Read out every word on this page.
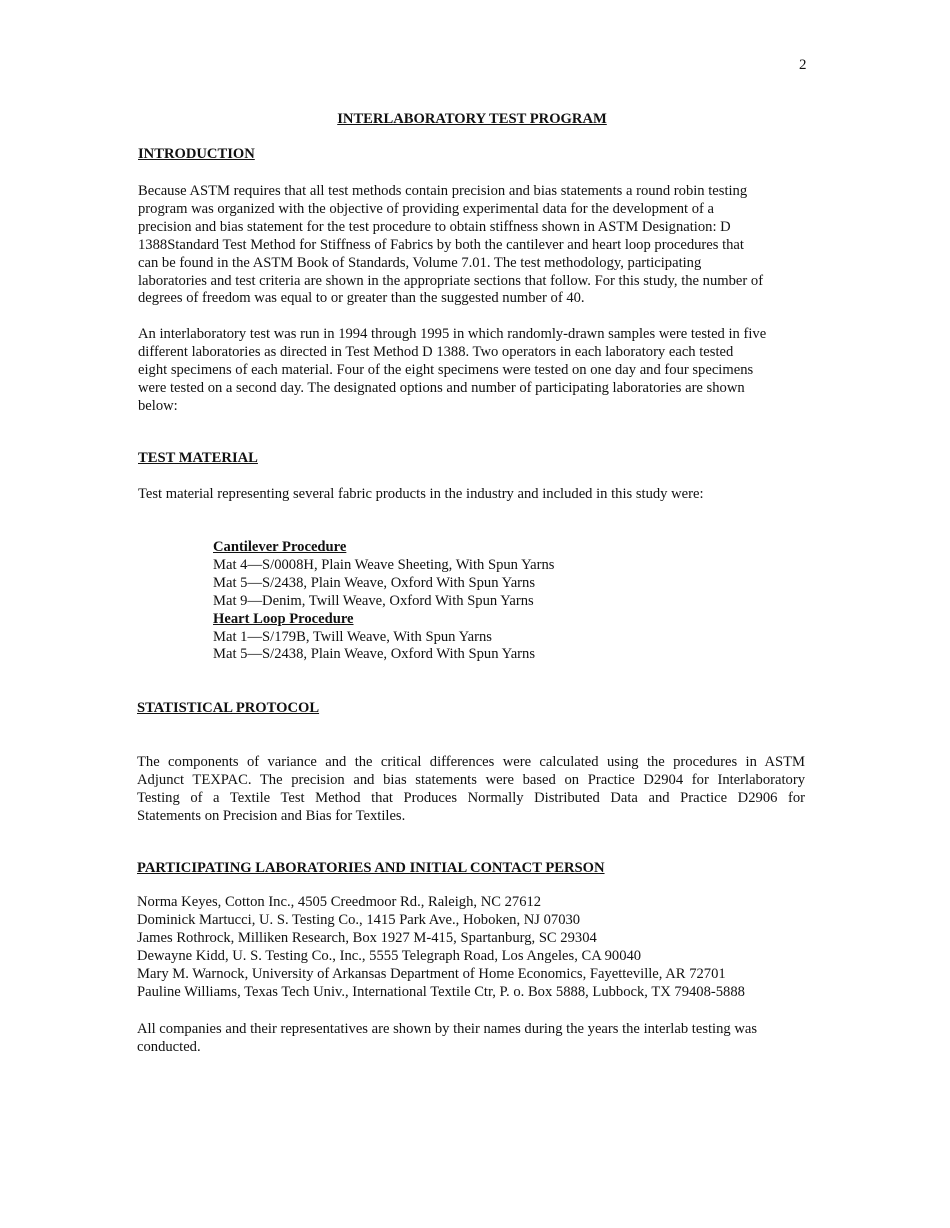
2
INTERLABORATORY TEST PROGRAM
INTRODUCTION
Because ASTM requires that all test methods contain precision and bias statements a round robin testing
program was organized with the objective of providing experimental data for the development of a
precision and bias statement for the test procedure to obtain stiffness shown in ASTM Designation: D
1388Standard Test Method for Stiffness of Fabrics by both the cantilever and heart loop procedures that
can be found in the ASTM Book of Standards, Volume 7.01. The test methodology, participating
laboratories and test criteria are shown in the appropriate sections that follow. For this study, the number of
degrees of freedom was equal to or greater than the suggested number of 40.
An interlaboratory test was run in 1994 through 1995 in which randomly-drawn samples were tested in five
different laboratories as directed in Test Method D 1388. Two operators in each laboratory each tested
eight specimens of each material. Four of the eight specimens were tested on one day and four specimens
were tested on a second day. The designated options and number of participating laboratories are shown
below:
TEST MATERIAL
Test material representing several fabric products in the industry and included in this study were:
Cantilever Procedure
Mat 4—S/0008H, Plain Weave Sheeting, With Spun Yarns
Mat 5—S/2438, Plain Weave, Oxford With Spun Yarns
Mat 9—Denim, Twill Weave, Oxford With Spun Yarns
Heart Loop Procedure
Mat 1—S/179B, Twill Weave, With Spun Yarns
Mat 5—S/2438, Plain Weave, Oxford With Spun Yarns
STATISTICAL PROTOCOL
The components of variance and the critical differences were calculated using the procedures in ASTM
Adjunct TEXPAC. The precision and bias statements were based on Practice D2904 for Interlaboratory
Testing of a Textile Test Method that Produces Normally Distributed Data and Practice D2906 for
Statements on Precision and Bias for Textiles.
PARTICIPATING LABORATORIES AND INITIAL CONTACT PERSON
Norma Keyes, Cotton Inc., 4505 Creedmoor Rd., Raleigh, NC 27612
Dominick Martucci, U. S. Testing Co., 1415 Park Ave., Hoboken, NJ 07030
James Rothrock, Milliken Research, Box 1927 M-415, Spartanburg, SC 29304
Dewayne Kidd, U. S. Testing Co., Inc., 5555 Telegraph Road, Los Angeles, CA 90040
Mary M. Warnock, University of Arkansas Department of Home Economics, Fayetteville, AR 72701
Pauline Williams, Texas Tech Univ., International Textile Ctr, P. o. Box 5888, Lubbock, TX 79408-5888
All companies and their representatives are shown by their names during the years the interlab testing was
conducted.
